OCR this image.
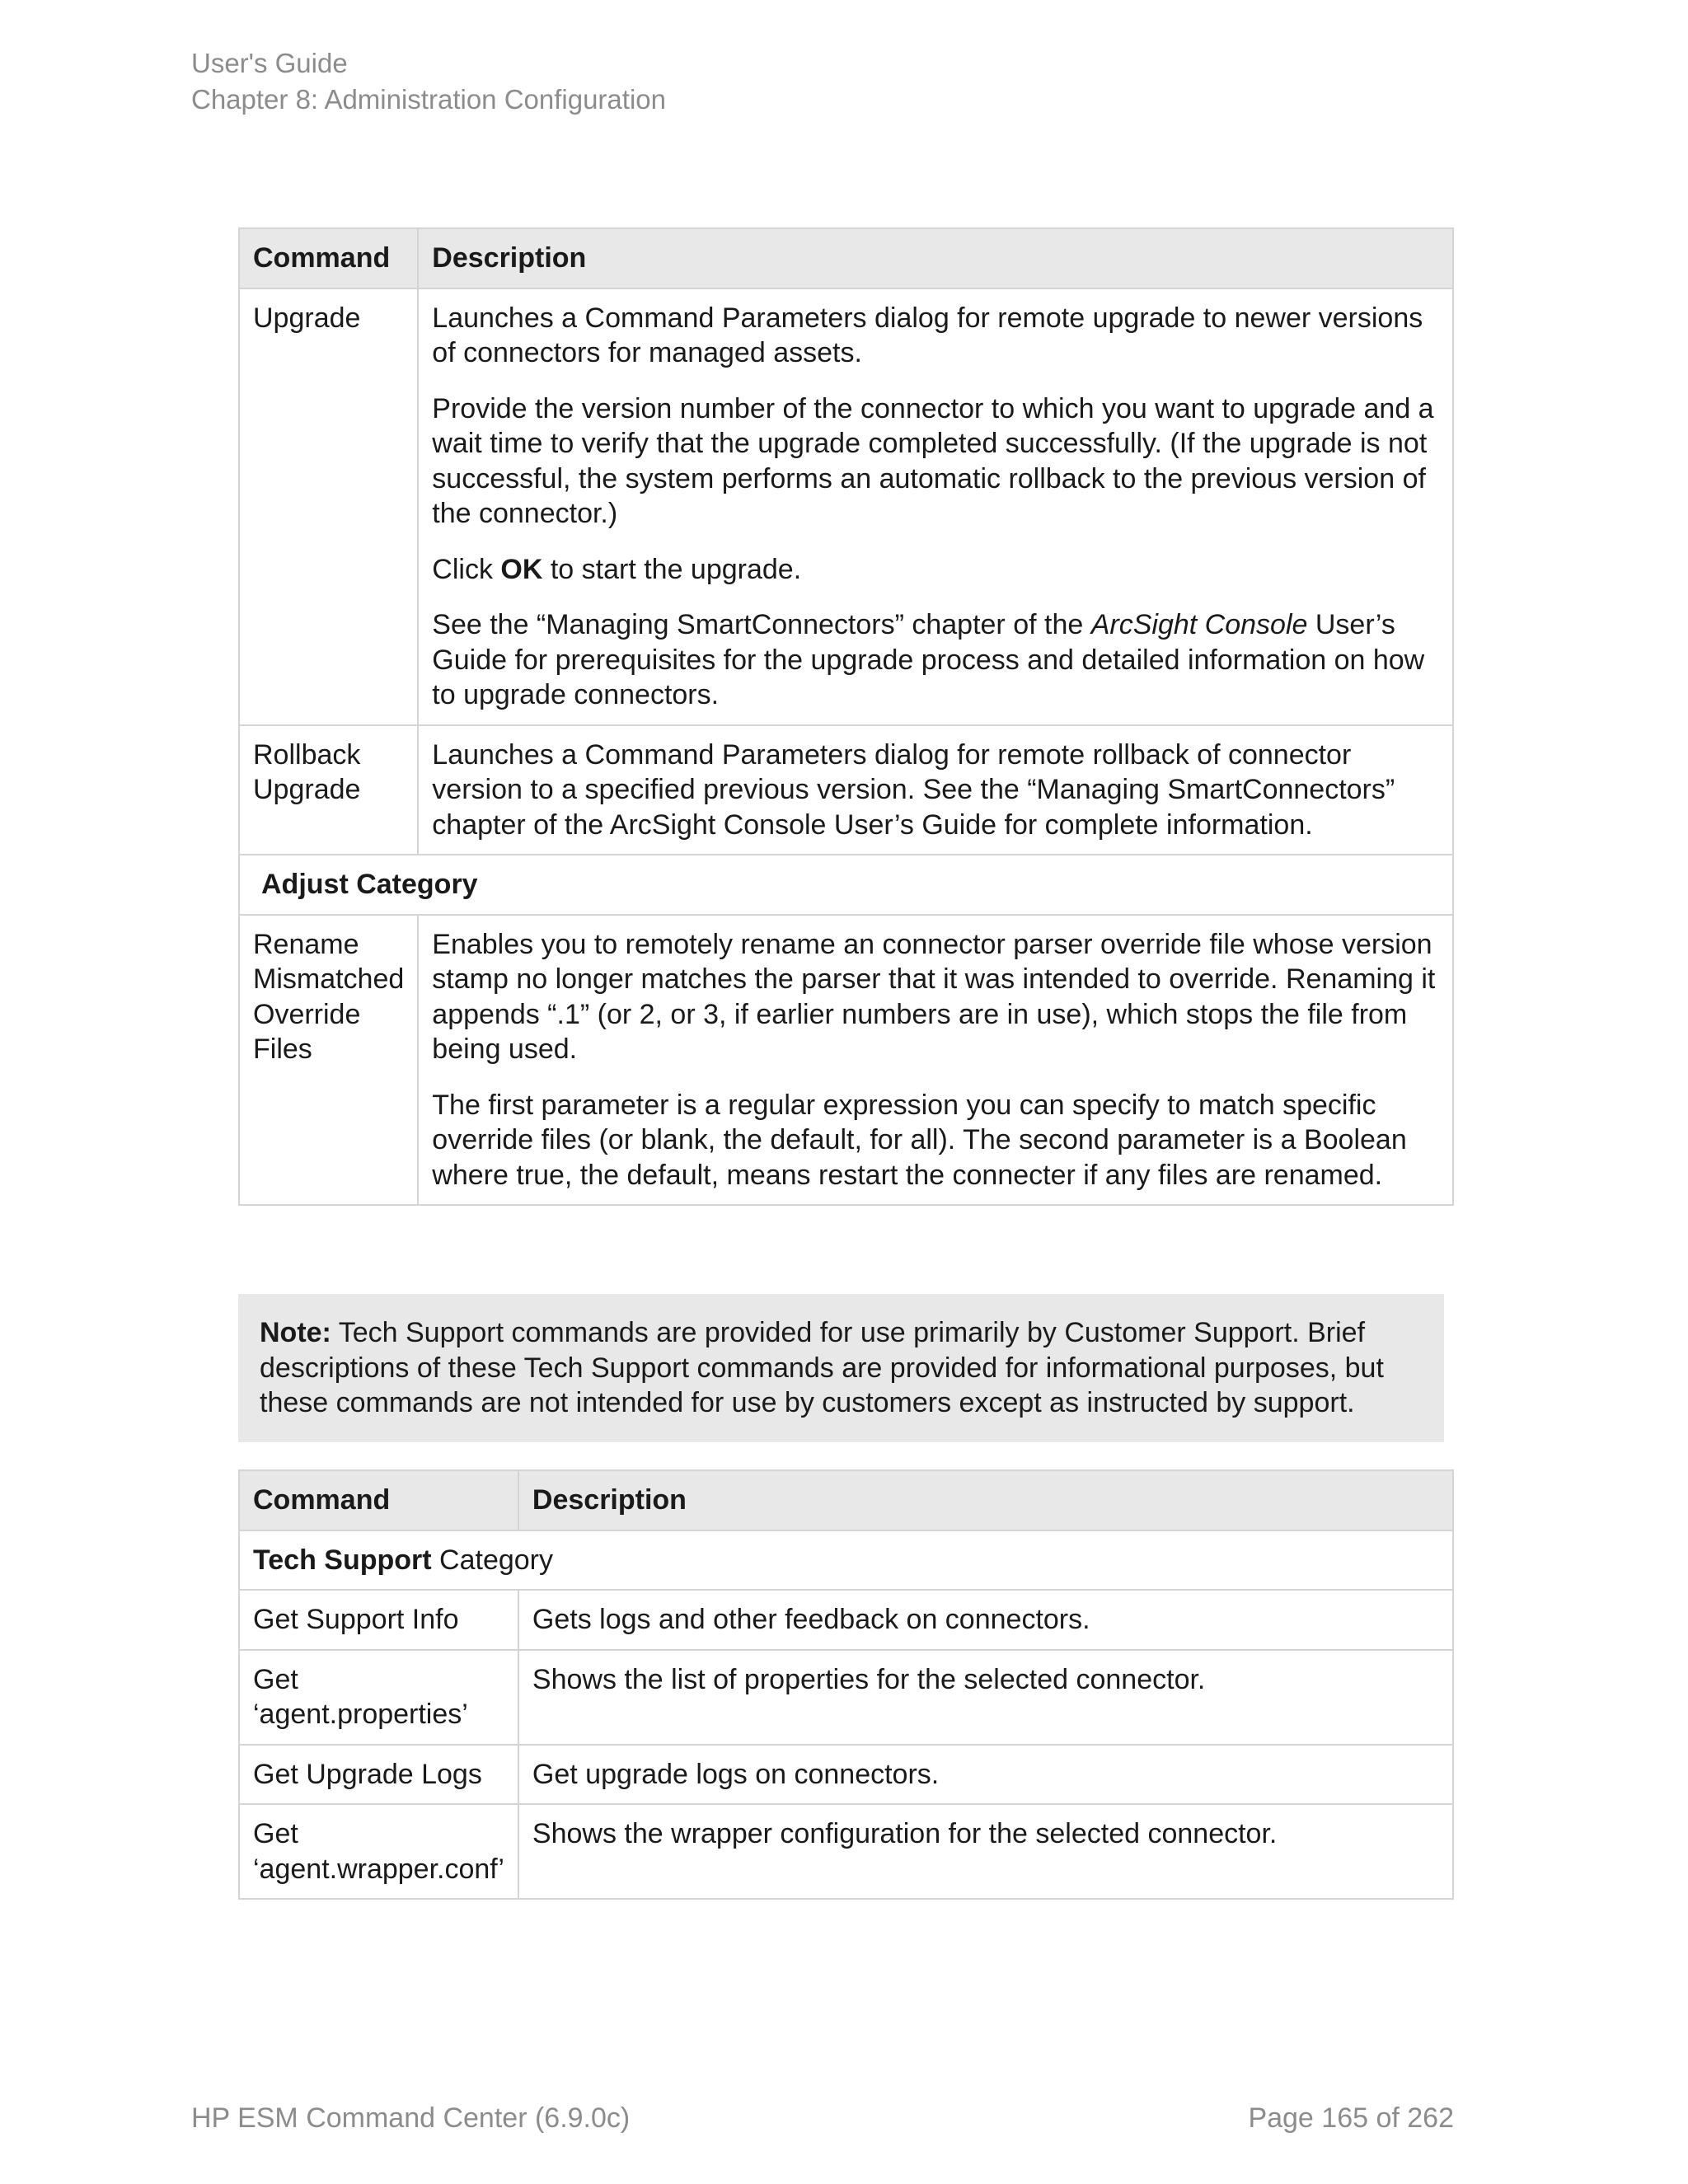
User's Guide
Chapter 8: Administration Configuration
Command	Description
Upgrade	Launches a Command Parameters dialog for remote upgrade to newer versions of connectors for managed assets.

Provide the version number of the connector to which you want to upgrade and a wait time to verify that the upgrade completed successfully. (If the upgrade is not successful, the system performs an automatic rollback to the previous version of the connector.)

Click OK to start the upgrade.

See the “Managing SmartConnectors” chapter of the ArcSight Console User’s Guide for prerequisites for the upgrade process and detailed information on how to upgrade connectors.

Rollback Upgrade	Launches a Command Parameters dialog for remote rollback of connector version to a specified previous version. See the “Managing SmartConnectors” chapter of the ArcSight Console User’s Guide for complete information.
Adjust Category	
Rename Mismatched Override Files	Enables you to remotely rename an connector parser override file whose version stamp no longer matches the parser that it was intended to override. Renaming it appends “.1” (or 2, or 3, if earlier numbers are in use), which stops the file from being used.

The first parameter is a regular expression you can specify to match specific override files (or blank, the default, for all). The second parameter is a Boolean where true, the default, means restart the connecter if any files are renamed.

Note: Tech Support commands are provided for use primarily by Customer Support. Brief descriptions of these Tech Support commands are provided for informational purposes, but these commands are not intended for use by customers except as instructed by support.
Command	Description
Tech Support Category	
Get Support Info	Gets logs and other feedback on connectors.
Get ‘agent.properties’	Shows the list of properties for the selected connector.
Get Upgrade Logs	Get upgrade logs on connectors.
Get ‘agent.wrapper.conf’	Shows the wrapper configuration for the selected connector.
HP ESM Command Center (6.9.0c)	Page 165 of 262
